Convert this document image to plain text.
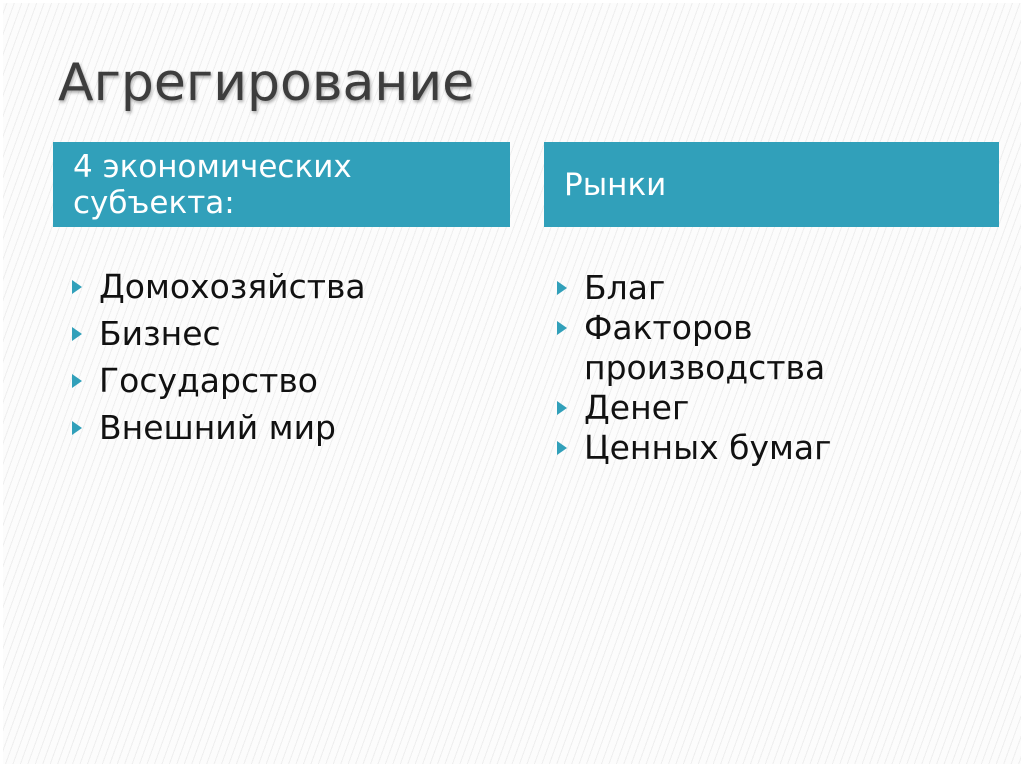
Агрегирование
4 экономических субъекта:	Рынки
Домохозяйства
Бизнес
Государство
Внешний мир
Благ
Факторов производства
Денег
Ценных бумаг
